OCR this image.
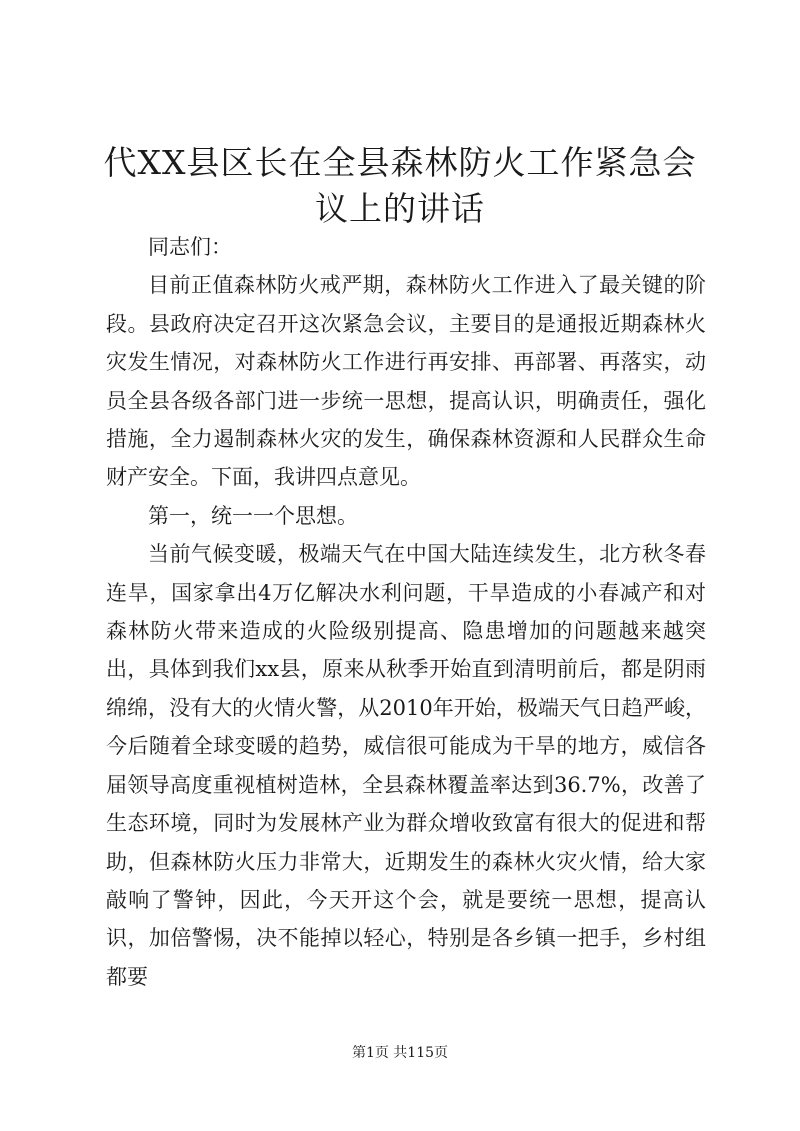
代XX县区长在全县森林防火工作紧急会议上的讲话

同志们：

目前正值森林防火戒严期，森林防火工作进入了最关键的阶段。县政府决定召开这次紧急会议，主要目的是通报近期森林火灾发生情况，对森林防火工作进行再安排、再部署、再落实，动员全县各级各部门进一步统一思想，提高认识，明确责任，强化措施，全力遏制森林火灾的发生，确保森林资源和人民群众生命财产安全。下面，我讲四点意见。

第一，统一一个思想。

当前气候变暖，极端天气在中国大陆连续发生，北方秋冬春连旱，国家拿出4万亿解决水利问题，干旱造成的小春减产和对森林防火带来造成的火险级别提高、隐患增加的问题越来越突出，具体到我们xx县，原来从秋季开始直到清明前后，都是阴雨绵绵，没有大的火情火警，从2010年开始，极端天气日趋严峻，今后随着全球变暖的趋势，威信很可能成为干旱的地方，威信各届领导高度重视植树造林，全县森林覆盖率达到36.7%，改善了生态环境，同时为发展林产业为群众增收致富有很大的促进和帮助，但森林防火压力非常大，近期发生的森林火灾火情，给大家敲响了警钟，因此，今天开这个会，就是要统一思想，提高认识，加倍警惕，决不能掉以轻心，特别是各乡镇一把手，乡村组都要

第1页 共115页
